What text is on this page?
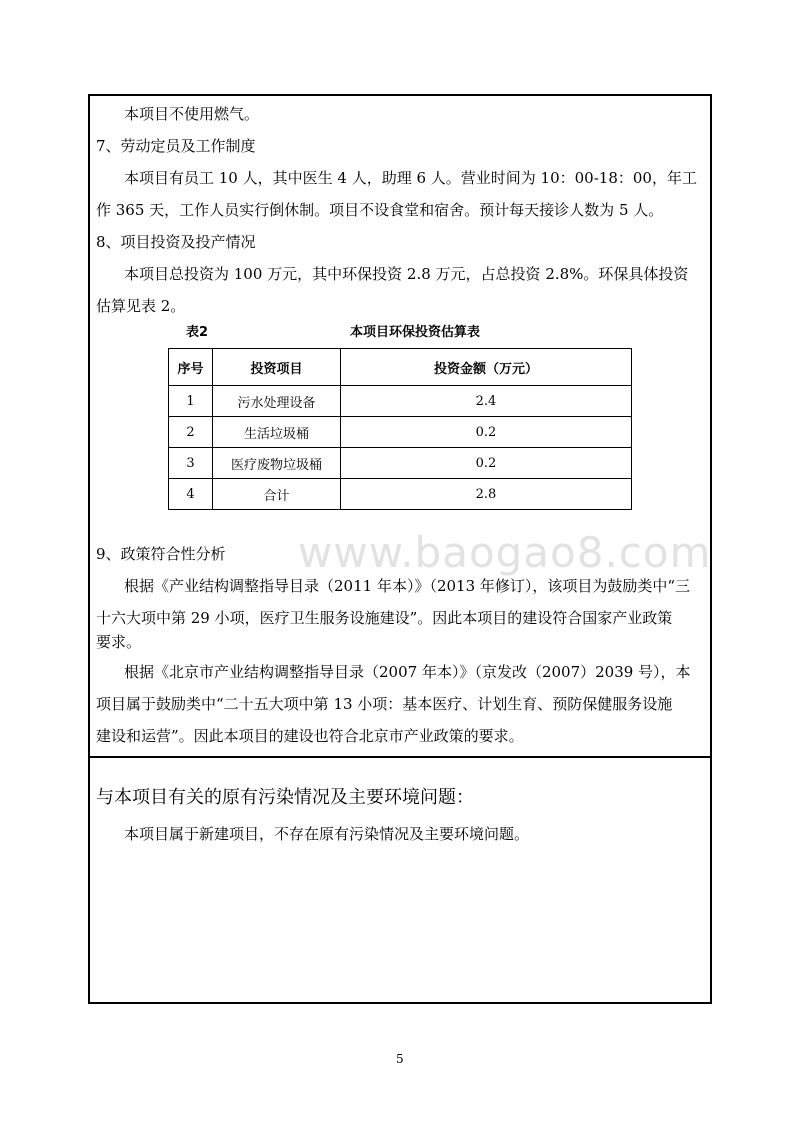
本项目不使用燃气。
7、劳动定员及工作制度
本项目有员工 10 人，其中医生 4 人，助理 6 人。营业时间为 10：00-18：00，年工
作 365 天，工作人员实行倒休制。项目不设食堂和宿舍。预计每天接诊人数为 5 人。
8、项目投资及投产情况
本项目总投资为 100 万元，其中环保投资 2.8 万元，占总投资 2.8%。环保具体投资
估算见表 2。
表2	本项目环保投资估算表
序号	投资项目	投资金额（万元）
1	污水处理设备	2.4
2	生活垃圾桶	0.2
3	医疗废物垃圾桶	0.2
4	合计	2.8
www.baogao8.com
9、政策符合性分析
根据《产业结构调整指导目录（2011 年本）》（2013 年修订），该项目为鼓励类中“三
十六大项中第 29 小项，医疗卫生服务设施建设”。因此本项目的建设符合国家产业政策
要求。
根据《北京市产业结构调整指导目录（2007 年本）》（京发改（2007）2039 号），本
项目属于鼓励类中“二十五大项中第 13 小项：基本医疗、计划生育、预防保健服务设施
建设和运营”。因此本项目的建设也符合北京市产业政策的要求。
与本项目有关的原有污染情况及主要环境问题：
本项目属于新建项目，不存在原有污染情况及主要环境问题。
5
